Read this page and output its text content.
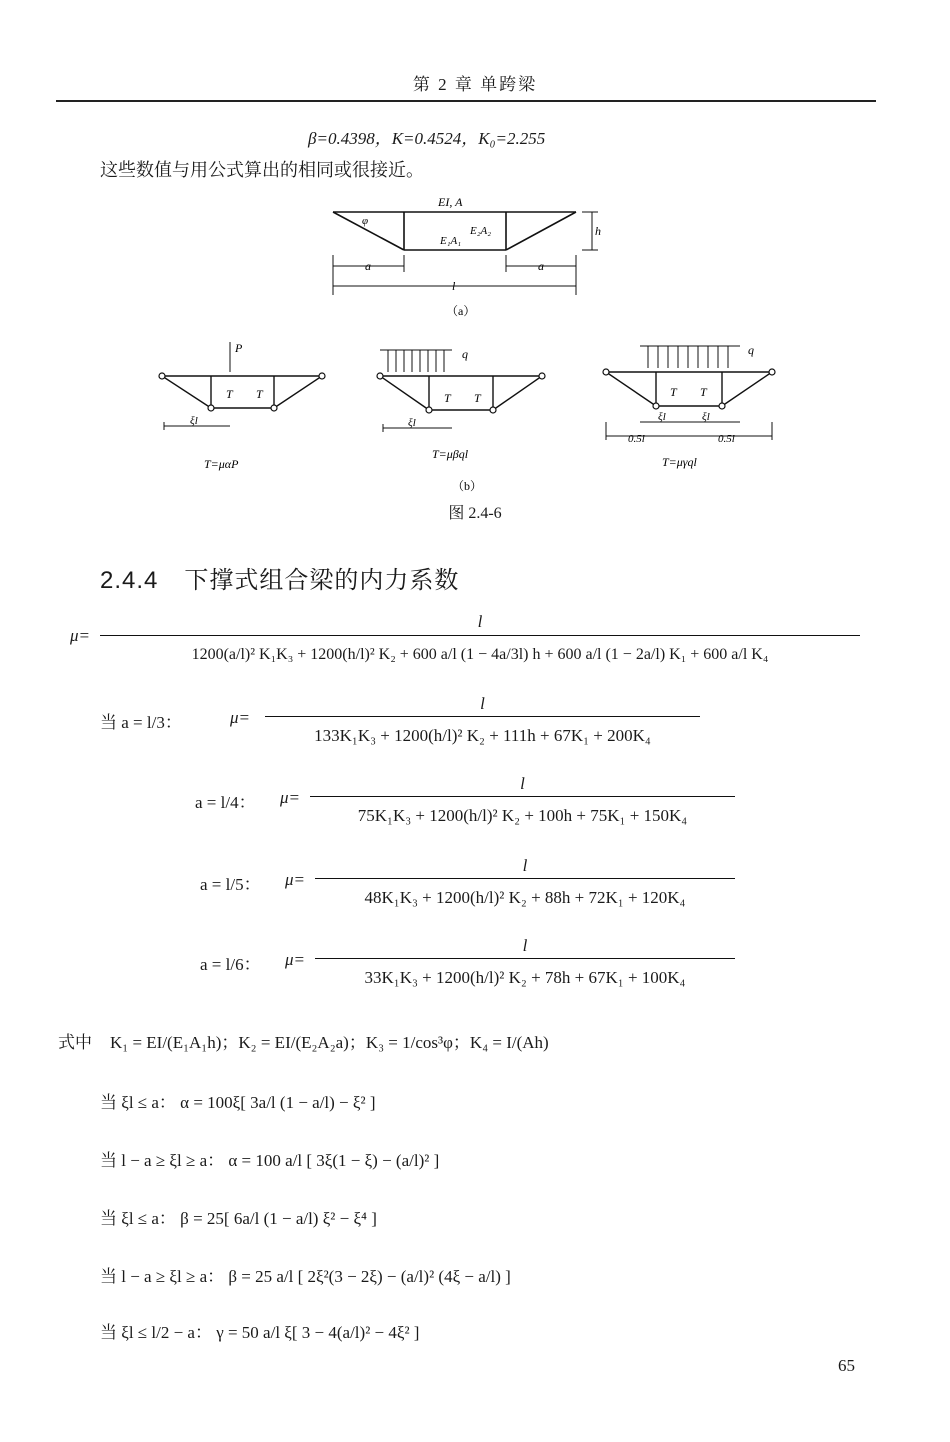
第 2 章 单跨梁
β=0.4398，K=0.4524，K₀=2.255
这些数值与用公式算出的相同或很接近。
EI, A
φ
E₁A₁
E₂A₂	h
a	a
l
（a）
P	q	q
T T	T T	T T
ξl	ξl	ξl	ξl
0.5l	0.5l
T=μαP
T=μβql
T=μγql
（b）
图 2.4-6
2.4.4 下撑式组合梁的内力系数
μ=
l
1200(a/l)² K₁K₃ + 1200(h/l)² K₂ + 600 a/l (1 − 4a/3l) h + 600 a/l (1 − 2a/l) K₁ + 600 a/l K₄
当 a = l/3：	μ=
l
133K₁K₃ + 1200(h/l)² K₂ + 111h + 67K₁ + 200K₄
a = l/4： μ=
l
75K₁K₃ + 1200(h/l)² K₂ + 100h + 75K₁ + 150K₄
a = l/5： μ=
l
48K₁K₃ + 1200(h/l)² K₂ + 88h + 72K₁ + 120K₄
a = l/6： μ=
l
33K₁K₃ + 1200(h/l)² K₂ + 78h + 67K₁ + 100K₄
式中 K₁ = EI/(E₁A₁h)；K₂ = EI/(E₂A₂a)；K₃ = 1/cos³φ；K₄ = I/(Ah)
当 ξl ≤ a： α = 100ξ[ 3a/l (1 − a/l) − ξ² ]
当 l − a ≥ ξl ≥ a： α = 100 a/l [ 3ξ(1 − ξ) − (a/l)² ]
当 ξl ≤ a： β = 25[ 6a/l (1 − a/l) ξ² − ξ⁴ ]
当 l − a ≥ ξl ≥ a： β = 25 a/l [ 2ξ²(3 − 2ξ) − (a/l)² (4ξ − a/l) ]
当 ξl ≤ l/2 − a： γ = 50 a/l ξ[ 3 − 4(a/l)² − 4ξ² ]
65
